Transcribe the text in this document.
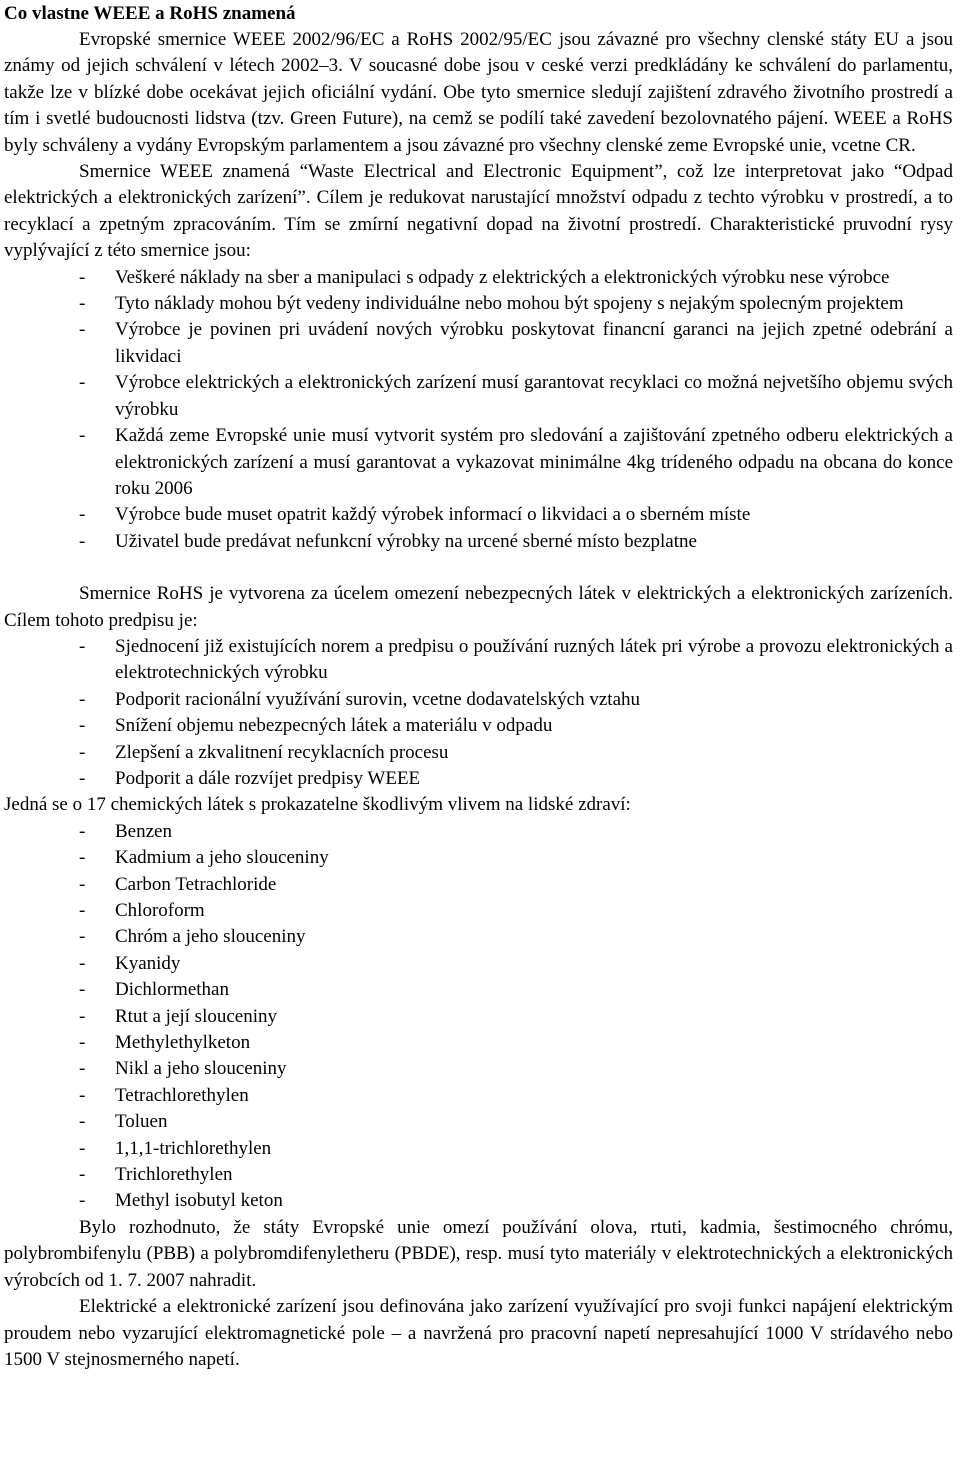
Co vlastne WEEE a RoHS znamená

Evropské smernice WEEE 2002/96/EC a RoHS 2002/95/EC jsou závazné pro všechny clenské státy EU a jsou známy od jejich schválení v létech 2002–3. V soucasné dobe jsou v ceské verzi predkládány ke schválení do parlamentu, takže lze v blízké dobe ocekávat jejich oficiální vydání. Obe tyto smernice sledují zajištení zdravého životního prostredí a tím i svetlé budoucnosti lidstva (tzv. Green Future), na cemž se podílí také zavedení bezolovnatého pájení. WEEE a RoHS byly schváleny a vydány Evropským parlamentem a jsou závazné pro všechny clenské zeme Evropské unie, vcetne CR.

Smernice WEEE znamená “Waste Electrical and Electronic Equipment”, což lze interpretovat jako “Odpad elektrických a elektronických zarízení”. Cílem je redukovat narustající množství odpadu z techto výrobku v prostredí, a to recyklací a zpetným zpracováním. Tím se zmírní negativní dopad na životní prostredí. Charakteristické pruvodní rysy vyplývající z této smernice jsou:

- Veškeré náklady na sber a manipulaci s odpady z elektrických a elektronických výrobku nese výrobce
- Tyto náklady mohou být vedeny individuálne nebo mohou být spojeny s nejakým spolecným projektem
- Výrobce je povinen pri uvádení nových výrobku poskytovat financní garanci na jejich zpetné odebrání a likvidaci
- Výrobce elektrických a elektronických zarízení musí garantovat recyklaci co možná nejvetšího objemu svých výrobku
- Každá zeme Evropské unie musí vytvorit systém pro sledování a zajištování zpetného odberu elektrických a elektronických zarízení a musí garantovat a vykazovat minimálne 4kg trídeného odpadu na obcana do konce roku 2006
- Výrobce bude muset opatrit každý výrobek informací o likvidaci a o sberném míste
- Uživatel bude predávat nefunkcní výrobky na urcené sberné místo bezplatne

Smernice RoHS je vytvorena za úcelem omezení nebezpecných látek v elektrických a elektronických zarízeních. Cílem tohoto predpisu je:

- Sjednocení již existujících norem a predpisu o používání ruzných látek pri výrobe a provozu elektronických a elektrotechnických výrobku
- Podporit racionální využívání surovin, vcetne dodavatelských vztahu
- Snížení objemu nebezpecných látek a materiálu v odpadu
- Zlepšení a zkvalitnení recyklacních procesu
- Podporit a dále rozvíjet predpisy WEEE

Jedná se o 17 chemických látek s prokazatelne škodlivým vlivem na lidské zdraví:

- Benzen
- Kadmium a jeho slouceniny
- Carbon Tetrachloride
- Chloroform
- Chróm a jeho slouceniny
- Kyanidy
- Dichlormethan
- Rtut a její slouceniny
- Methylethylketon
- Nikl a jeho slouceniny
- Tetrachlorethylen
- Toluen
- 1,1,1-trichlorethylen
- Trichlorethylen
- Methyl isobutyl keton

Bylo rozhodnuto, že státy Evropské unie omezí používání olova, rtuti, kadmia, šestimocného chrómu, polybrombifenylu (PBB) a polybromdifenyletheru (PBDE), resp. musí tyto materiály v elektrotechnických a elektronických výrobcích od 1. 7. 2007 nahradit.

Elektrické a elektronické zarízení jsou definována jako zarízení využívající pro svoji funkci napájení elektrickým proudem nebo vyzarující elektromagnetické pole – a navržená pro pracovní napetí nepresahující 1000 V strídavého nebo 1500 V stejnosmerného napetí.
